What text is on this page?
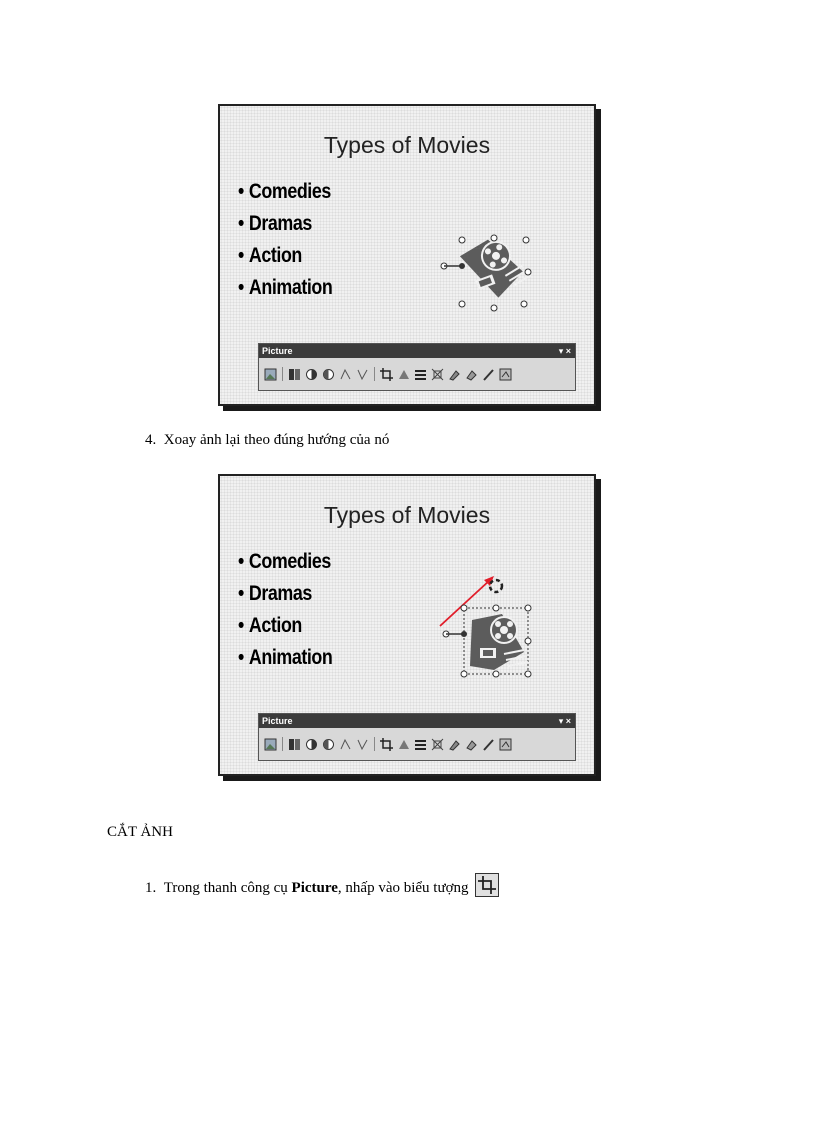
Types of Movies
• Comedies
• Dramas
• Action
• Animation
Picture	▾ ×
4. Xoay ảnh lại theo đúng hướng của nó
Types of Movies
• Comedies
• Dramas
• Action
• Animation
Picture	▾ ×
CẮT ẢNH
1. Trong thanh công cụ Picture, nhấp vào biểu tượng
